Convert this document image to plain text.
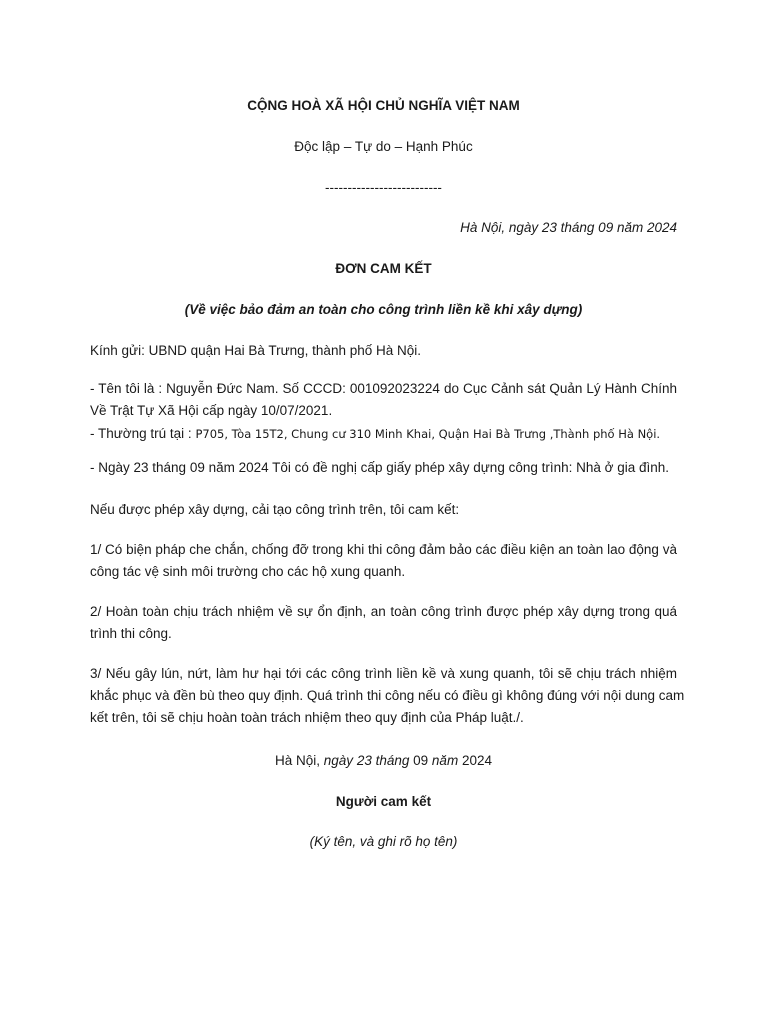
CỘNG HOÀ XÃ HỘI CHỦ NGHĨA VIỆT NAM
Độc lập – Tự do – Hạnh Phúc
--------------------------
Hà Nội, ngày 23 tháng 09 năm 2024
ĐƠN CAM KẾT
(Về việc bảo đảm an toàn cho công trình liền kề khi xây dựng)
Kính gửi: UBND quận Hai Bà Trưng, thành phố Hà Nội.
- Tên tôi là : Nguyễn Đức Nam. Số CCCD: 001092023224 do Cục Cảnh sát Quản Lý Hành Chính
Về Trật Tự Xã Hội cấp ngày 10/07/2021.
- Thường trú tại : P705, Tòa 15T2, Chung cư 310 Minh Khai, Quận Hai Bà Trưng ,Thành phố Hà Nội.
- Ngày 23 tháng 09 năm 2024 Tôi có đề nghị cấp giấy phép xây dựng công trình: Nhà ở gia đình.
Nếu được phép xây dựng, cải tạo công trình trên, tôi cam kết:
1/ Có biện pháp che chắn, chống đỡ trong khi thi công đảm bảo các điều kiện an toàn lao động và
công tác vệ sinh môi trường cho các hộ xung quanh.
2/ Hoàn toàn chịu trách nhiệm về sự ổn định, an toàn công trình được phép xây dựng trong quá
trình thi công.
3/ Nếu gây lún, nứt, làm hư hại tới các công trình liền kề và xung quanh, tôi sẽ chịu trách nhiệm
khắc phục và đền bù theo quy định. Quá trình thi công nếu có điều gì không đúng với nội dung cam
kết trên, tôi sẽ chịu hoàn toàn trách nhiệm theo quy định của Pháp luật./.
Hà Nội, ngày 23 tháng 09 năm 2024
Người cam kết
(Ký tên, và ghi rõ họ tên)
